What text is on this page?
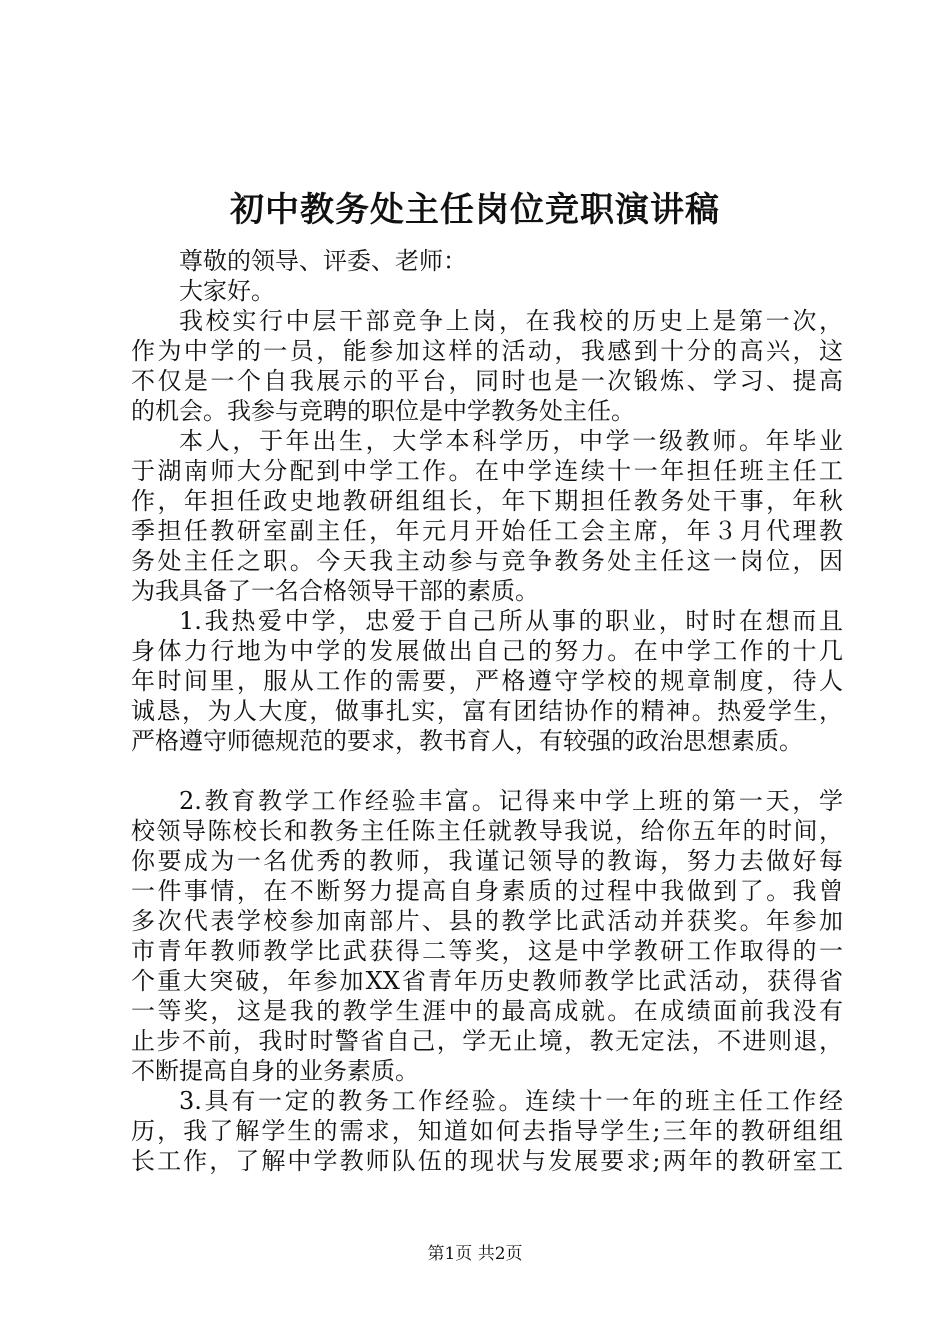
初中教务处主任岗位竞职演讲稿
尊敬的领导、评委、老师：
大家好。
我校实行中层干部竞争上岗，在我校的历史上是第一次，
作为中学的一员，能参加这样的活动，我感到十分的高兴，这
不仅是一个自我展示的平台，同时也是一次锻炼、学习、提高
的机会。我参与竞聘的职位是中学教务处主任。
本人，于年出生，大学本科学历，中学一级教师。年毕业
于湖南师大分配到中学工作。在中学连续十一年担任班主任工
作，年担任政史地教研组组长，年下期担任教务处干事，年秋
季担任教研室副主任，年元月开始任工会主席，年３月代理教
务处主任之职。今天我主动参与竞争教务处主任这一岗位，因
为我具备了一名合格领导干部的素质。
1.我热爱中学，忠爱于自己所从事的职业，时时在想而且
身体力行地为中学的发展做出自己的努力。在中学工作的十几
年时间里，服从工作的需要，严格遵守学校的规章制度，待人
诚恳，为人大度，做事扎实，富有团结协作的精神。热爱学生，
严格遵守师德规范的要求，教书育人，有较强的政治思想素质。
2.教育教学工作经验丰富。记得来中学上班的第一天，学
校领导陈校长和教务主任陈主任就教导我说，给你五年的时间，
你要成为一名优秀的教师，我谨记领导的教诲，努力去做好每
一件事情，在不断努力提高自身素质的过程中我做到了。我曾
多次代表学校参加南部片、县的教学比武活动并获奖。年参加
市青年教师教学比武获得二等奖，这是中学教研工作取得的一
个重大突破，年参加XX省青年历史教师教学比武活动，获得省
一等奖，这是我的教学生涯中的最高成就。在成绩面前我没有
止步不前，我时时警省自己，学无止境，教无定法，不进则退，
不断提高自身的业务素质。
3.具有一定的教务工作经验。连续十一年的班主任工作经
历，我了解学生的需求，知道如何去指导学生;三年的教研组组
长工作，了解中学教师队伍的现状与发展要求;两年的教研室工
第1页 共2页
